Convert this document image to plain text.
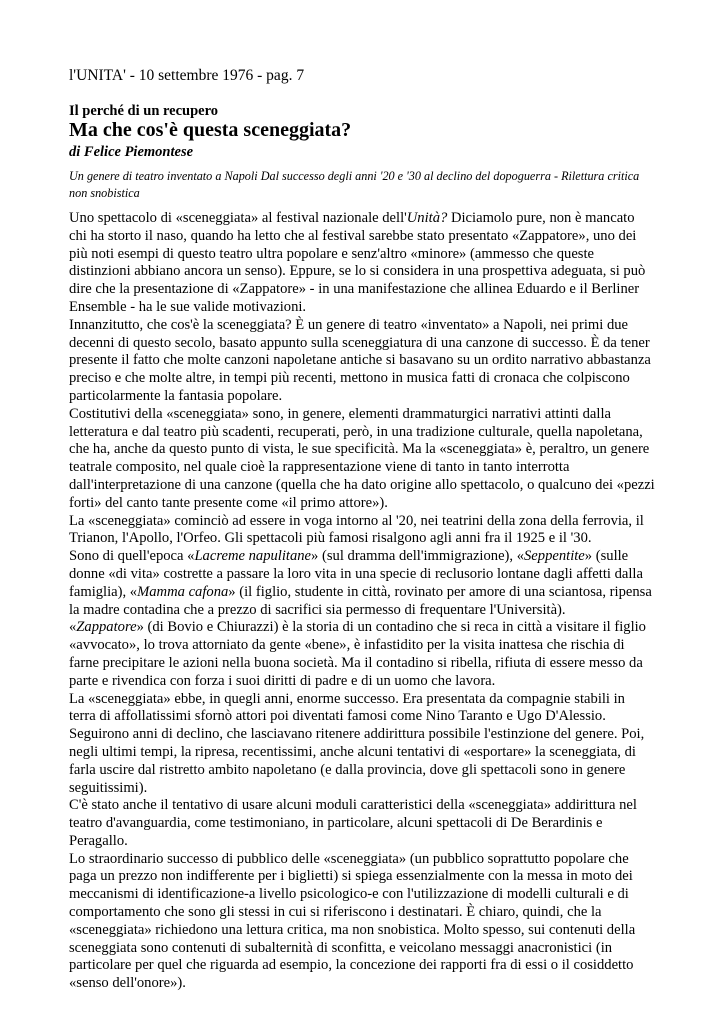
l'UNITA' - 10 settembre 1976 - pag. 7
Il perché di un recupero
Ma che cos'è questa sceneggiata?
di Felice Piemontese
Un genere di teatro inventato a Napoli Dal successo degli anni '20 e '30 al declino del dopoguerra - Rilettura critica
non snobistica
Uno spettacolo di «sceneggiata» al festival nazionale dell'Unità? Diciamolo pure, non è mancato
chi ha storto il naso, quando ha letto che al festival sarebbe stato presentato «Zappatore», uno dei
più noti esempi di questo teatro ultra popolare e senz'altro «minore» (ammesso che queste
distinzioni abbiano ancora un senso). Eppure, se lo si considera in una prospettiva adeguata, si può
dire che la presentazione di «Zappatore» - in una manifestazione che allinea Eduardo e il Berliner
Ensemble - ha le sue valide motivazioni.
Innanzitutto, che cos'è la sceneggiata? È un genere di teatro «inventato» a Napoli, nei primi due
decenni di questo secolo, basato appunto sulla sceneggiatura di una canzone di successo. È da tener
presente il fatto che molte canzoni napoletane antiche si basavano su un ordito narrativo abbastanza
preciso e che molte altre, in tempi più recenti, mettono in musica fatti di cronaca che colpiscono
particolarmente la fantasia popolare.
Costitutivi della «sceneggiata» sono, in genere, elementi drammaturgici narrativi attinti dalla
letteratura e dal teatro più scadenti, recuperati, però, in una tradizione culturale, quella napoletana,
che ha, anche da questo punto di vista, le sue specificità. Ma la «sceneggiata» è, peraltro, un genere
teatrale composito, nel quale cioè la rappresentazione viene di tanto in tanto interrotta
dall'interpretazione di una canzone (quella che ha dato origine allo spettacolo, o qualcuno dei «pezzi
forti» del canto tante presente come «il primo attore»).
La «sceneggiata» cominciò ad essere in voga intorno al '20, nei teatrini della zona della ferrovia, il
Trianon, l'Apollo, l'Orfeo. Gli spettacoli più famosi risalgono agli anni fra il 1925 e il '30.
Sono di quell'epoca «Lacreme napulitane» (sul dramma dell'immigrazione), «Seppentite» (sulle
donne «di vita» costrette a passare la loro vita in una specie di reclusorio lontane dagli affetti dalla
famiglia), «Mamma cafona» (il figlio, studente in città, rovinato per amore di una sciantosa, ripensa
la madre contadina che a prezzo di sacrifici sia permesso di frequentare l'Università).
«Zappatore» (di Bovio e Chiurazzi) è la storia di un contadino che si reca in città a visitare il figlio
«avvocato», lo trova attorniato da gente «bene», è infastidito per la visita inattesa che rischia di
farne precipitare le azioni nella buona società. Ma il contadino si ribella, rifiuta di essere messo da
parte e rivendica con forza i suoi diritti di padre e di un uomo che lavora.
La «sceneggiata» ebbe, in quegli anni, enorme successo. Era presentata da compagnie stabili in
terra di affollatissimi sfornò attori poi diventati famosi come Nino Taranto e Ugo D'Alessio.
Seguirono anni di declino, che lasciavano ritenere addirittura possibile l'estinzione del genere. Poi,
negli ultimi tempi, la ripresa, recentissimi, anche alcuni tentativi di «esportare» la sceneggiata, di
farla uscire dal ristretto ambito napoletano (e dalla provincia, dove gli spettacoli sono in genere
seguitissimi).
C'è stato anche il tentativo di usare alcuni moduli caratteristici della «sceneggiata» addirittura nel
teatro d'avanguardia, come testimoniano, in particolare, alcuni spettacoli di De Berardinis e
Peragallo.
Lo straordinario successo di pubblico delle «sceneggiata» (un pubblico soprattutto popolare che
paga un prezzo non indifferente per i biglietti) si spiega essenzialmente con la messa in moto dei
meccanismi di identificazione-a livello psicologico-e con l'utilizzazione di modelli culturali e di
comportamento che sono gli stessi in cui si riferiscono i destinatari. È chiaro, quindi, che la
«sceneggiata» richiedono una lettura critica, ma non snobistica. Molto spesso, sui contenuti della
sceneggiata sono contenuti di subalternità di sconfitta, e veicolano messaggi anacronistici (in
particolare per quel che riguarda ad esempio, la concezione dei rapporti fra di essi o il cosiddetto
«senso dell'onore»).
